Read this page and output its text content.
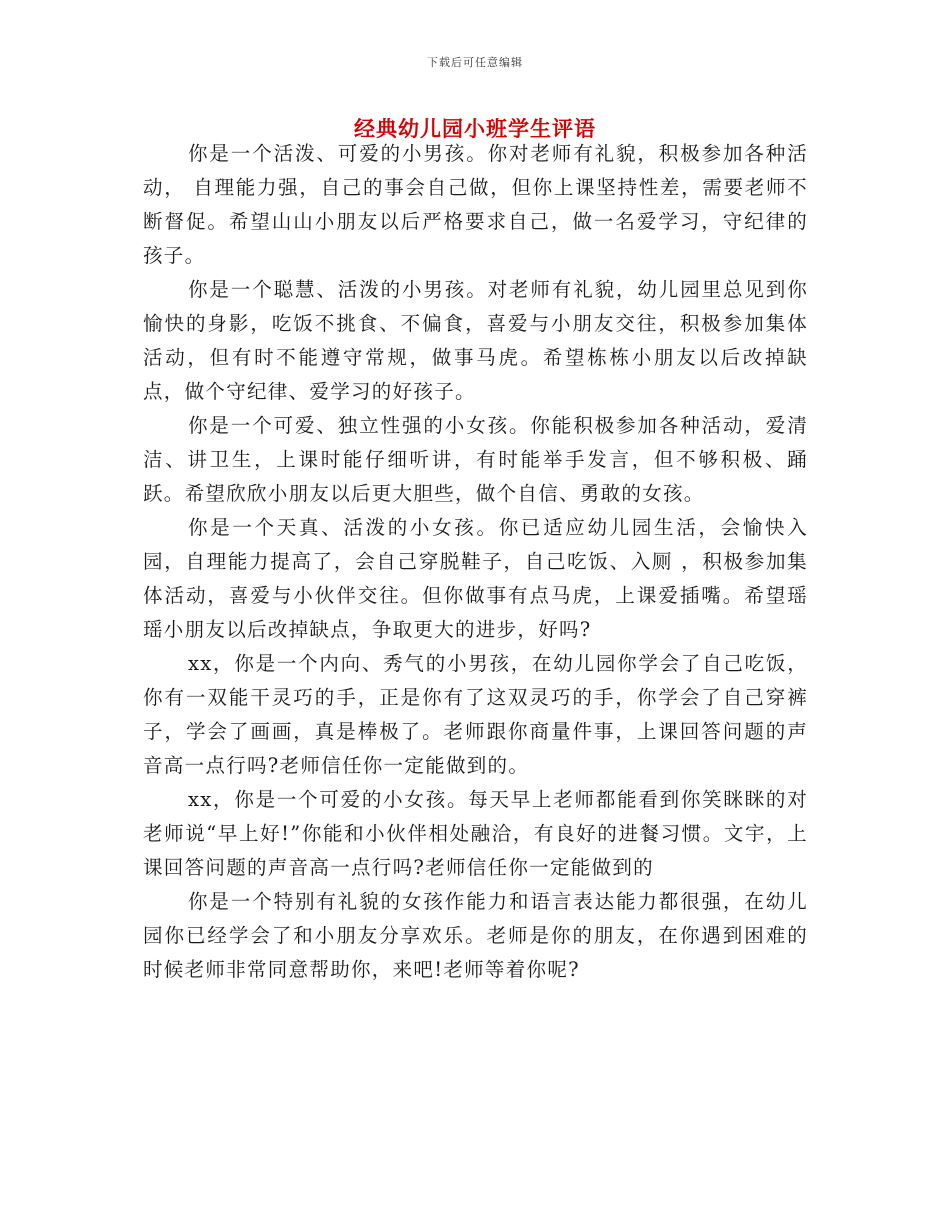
下载后可任意编辑
经典幼儿园小班学生评语

你是一个活泼、可爱的小男孩。你对老师有礼貌，积极参加各种活动， 自理能力强，自己的事会自己做，但你上课坚持性差，需要老师不断督促。希望山山小朋友以后严格要求自己，做一名爱学习，守纪律的孩子。

你是一个聪慧、活泼的小男孩。对老师有礼貌，幼儿园里总见到你愉快的身影，吃饭不挑食、不偏食，喜爱与小朋友交往，积极参加集体活动，但有时不能遵守常规，做事马虎。希望栋栋小朋友以后改掉缺点，做个守纪律、爱学习的好孩子。

你是一个可爱、独立性强的小女孩。你能积极参加各种活动，爱清洁、讲卫生，上课时能仔细听讲，有时能举手发言，但不够积极、踊跃。希望欣欣小朋友以后更大胆些，做个自信、勇敢的女孩。

你是一个天真、活泼的小女孩。你已适应幼儿园生活，会愉快入园，自理能力提高了，会自己穿脱鞋子，自己吃饭、入厕 ，积极参加集体活动，喜爱与小伙伴交往。但你做事有点马虎，上课爱插嘴。希望瑶瑶小朋友以后改掉缺点，争取更大的进步，好吗?

xx，你是一个内向、秀气的小男孩，在幼儿园你学会了自己吃饭，你有一双能干灵巧的手，正是你有了这双灵巧的手，你学会了自己穿裤子，学会了画画，真是棒极了。老师跟你商量件事，上课回答问题的声音高一点行吗?老师信任你一定能做到的。

xx，你是一个可爱的小女孩。每天早上老师都能看到你笑眯眯的对老师说“早上好!”你能和小伙伴相处融洽，有良好的进餐习惯。文宇，上课回答问题的声音高一点行吗?老师信任你一定能做到的

你是一个特别有礼貌的女孩作能力和语言表达能力都很强，在幼儿园你已经学会了和小朋友分享欢乐。老师是你的朋友，在你遇到困难的时候老师非常同意帮助你，来吧!老师等着你呢?
